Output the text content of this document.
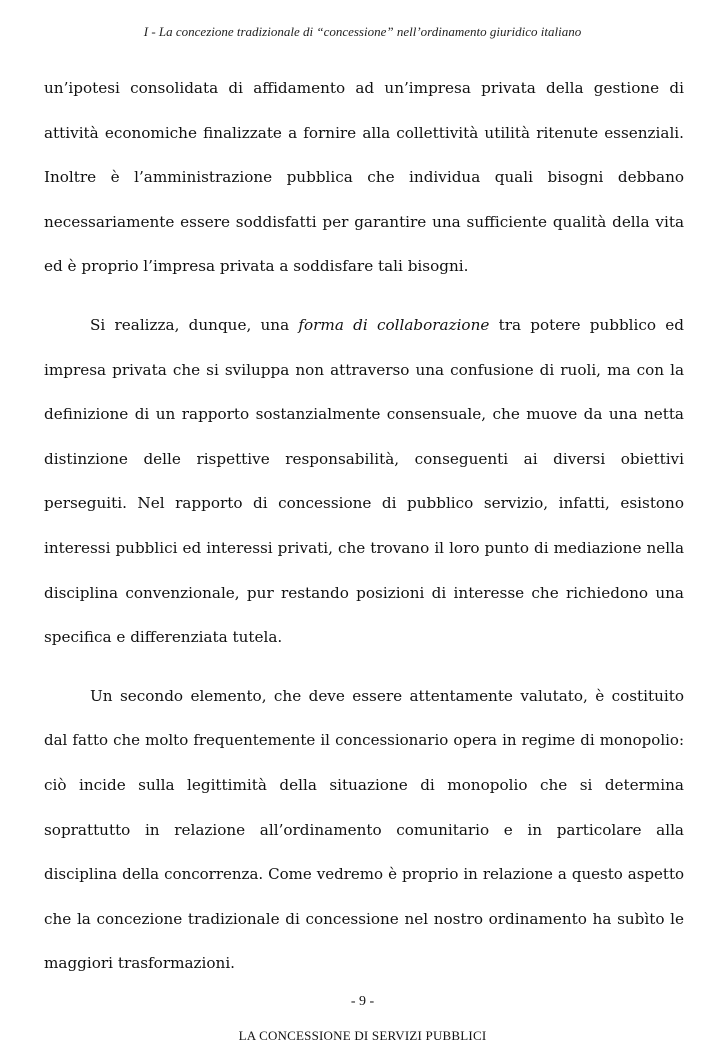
I - La concezione tradizionale di “concessione” nell’ordinamento giuridico italiano
un’ipotesi consolidata di affidamento ad un’impresa privata della gestione di
attività economiche finalizzate a fornire alla collettività utilità ritenute essenziali.
Inoltre è l’amministrazione pubblica che individua quali bisogni debbano
necessariamente essere soddisfatti per garantire una sufficiente qualità della vita
ed è proprio l’impresa privata a soddisfare tali bisogni.
Si realizza, dunque, una forma di collaborazione tra potere pubblico ed
impresa privata che si sviluppa non attraverso una confusione di ruoli, ma con la
definizione di un rapporto sostanzialmente consensuale, che muove da una netta
distinzione delle rispettive responsabilità, conseguenti ai diversi obiettivi
perseguiti. Nel rapporto di concessione di pubblico servizio, infatti, esistono
interessi pubblici ed interessi privati, che trovano il loro punto di mediazione nella
disciplina convenzionale, pur restando posizioni di interesse che richiedono una
specifica e differenziata tutela.
Un secondo elemento, che deve essere attentamente valutato, è costituito
dal fatto che molto frequentemente il concessionario opera in regime di monopolio:
ciò incide sulla legittimità della situazione di monopolio che si determina
soprattutto in relazione all’ordinamento comunitario e in particolare alla
disciplina della concorrenza. Come vedremo è proprio in relazione a questo aspetto
che la concezione tradizionale di concessione nel nostro ordinamento ha subìto le
maggiori trasformazioni.
- 9 -
LA CONCESSIONE DI SERVIZI PUBBLICI
